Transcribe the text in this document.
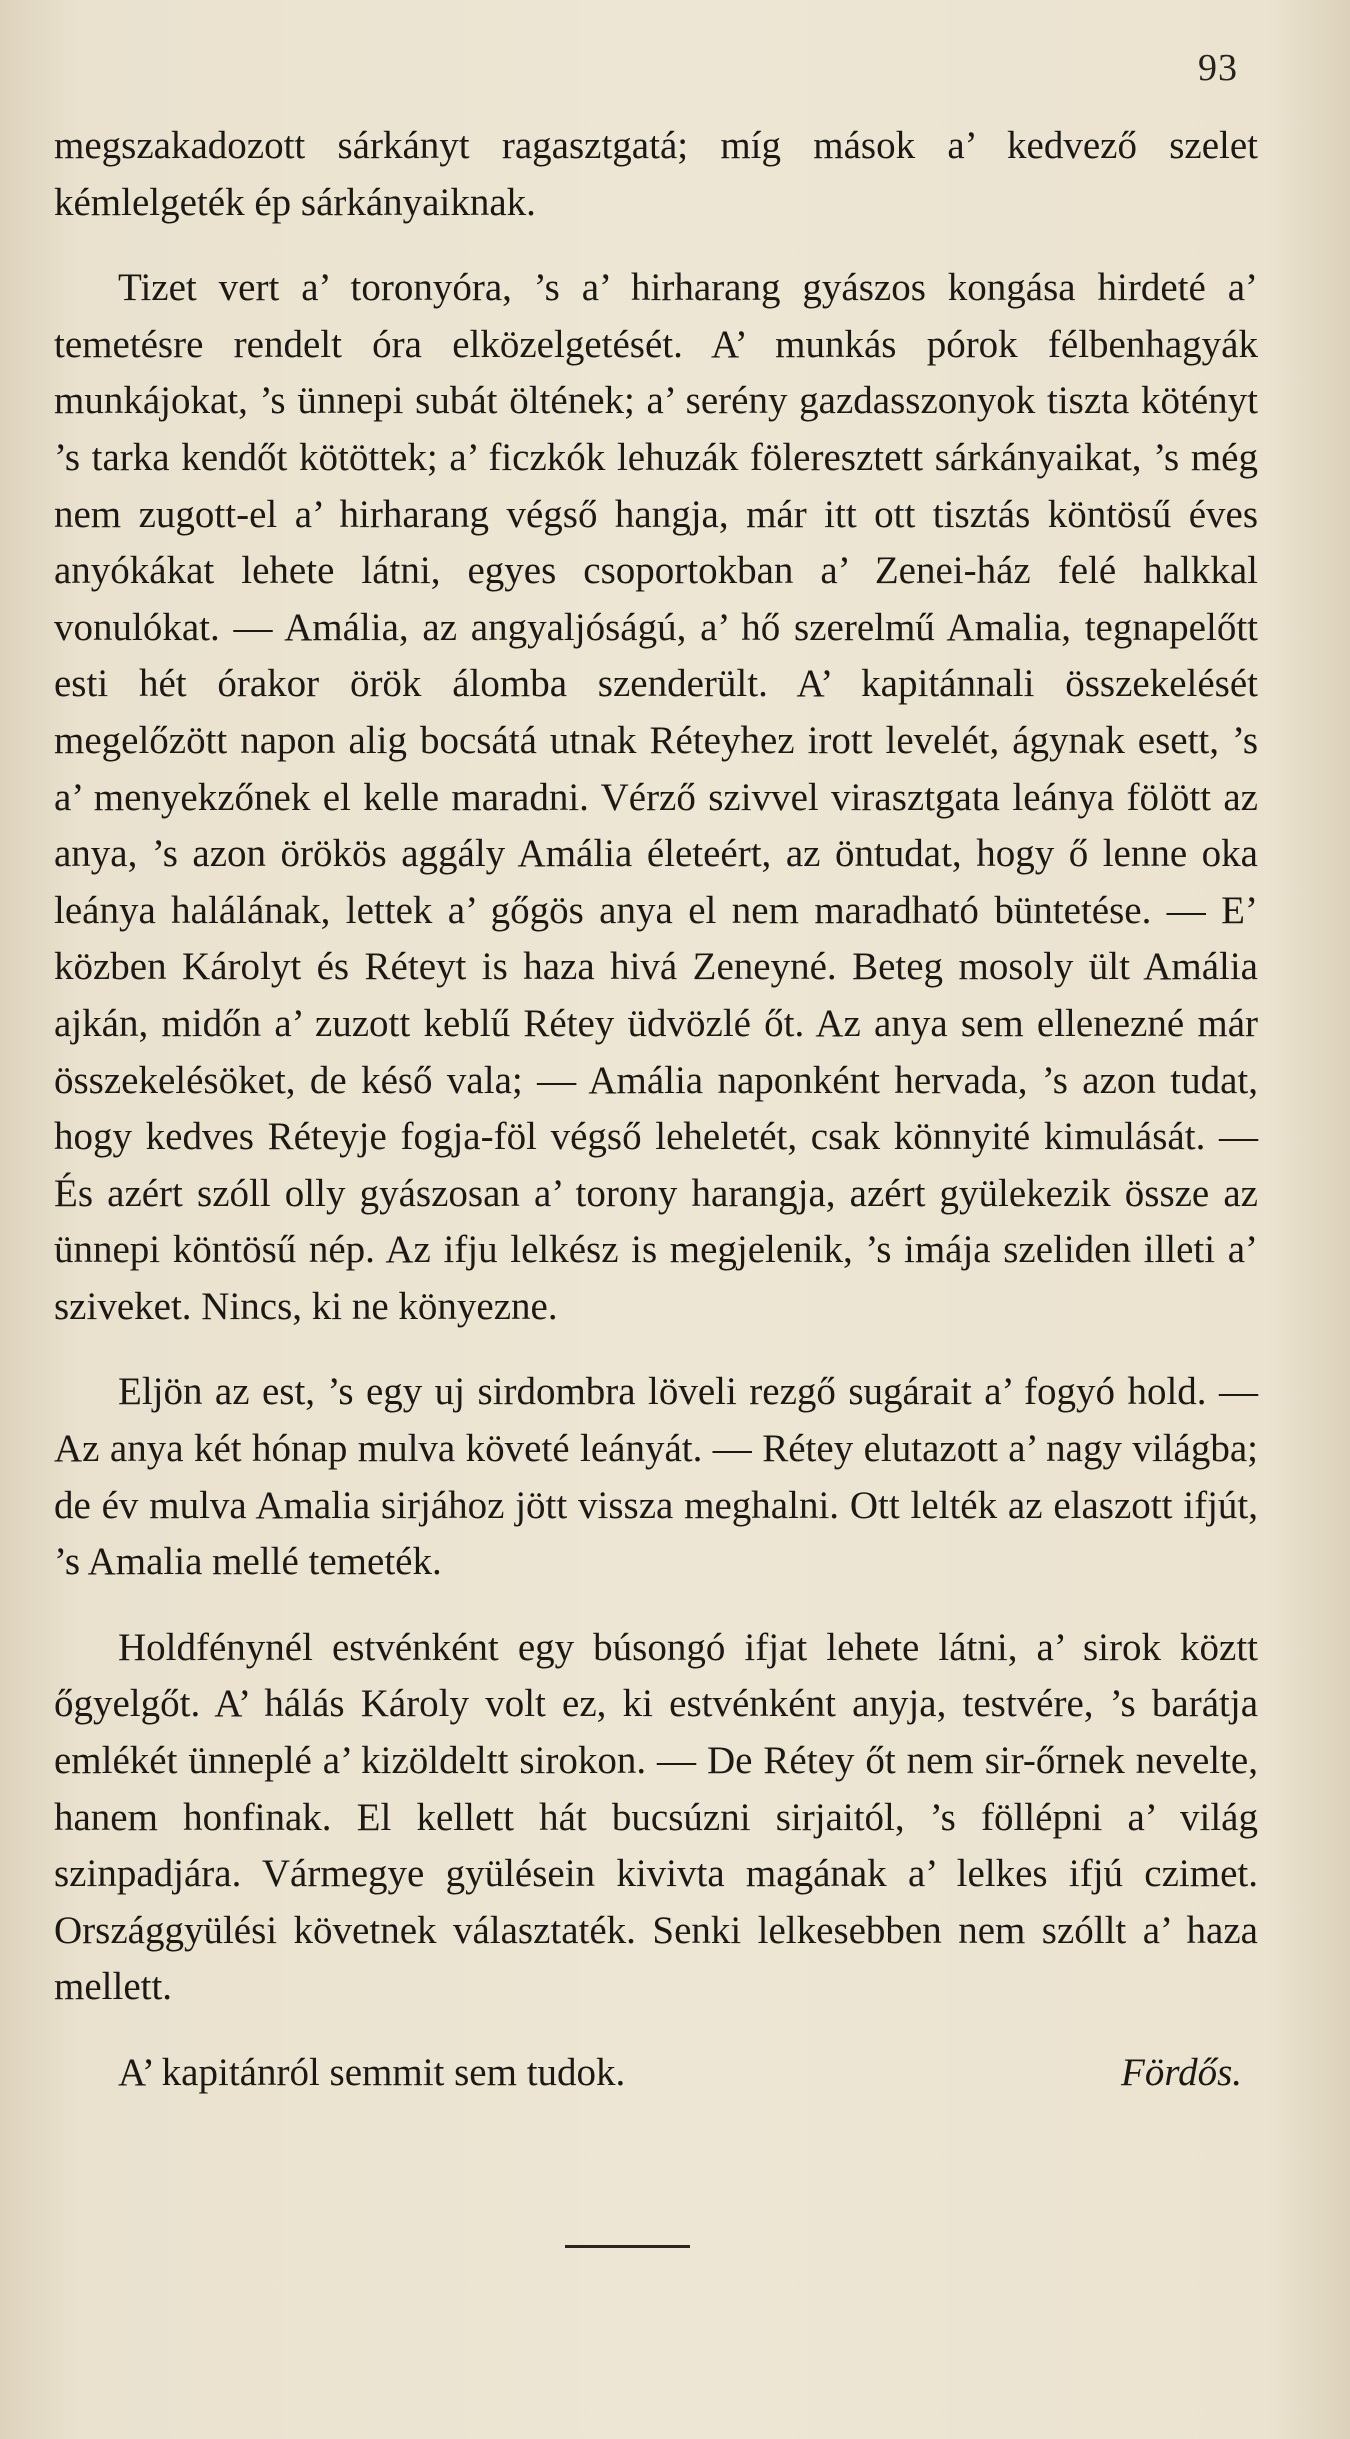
93

megszakadozott sárkányt ragasztgatá; míg mások a’ kedvező szelet kémlelgeték ép sárkányaiknak.

Tizet vert a’ toronyóra, ’s a’ hirharang gyászos kongása hirdeté a’ temetésre rendelt óra elközelgetését. A’ munkás pórok félbenhagyák munkájokat, ’s ünnepi subát öltének; a’ serény gazdasszonyok tiszta kötényt ’s tarka kendőt kötöttek; a’ ficzkók lehuzák föleresztett sárkányaikat, ’s még nem zugott-el a’ hirharang végső hangja, már itt ott tisztás köntösű éves anyókákat lehete látni, egyes csoportokban a’ Zenei-ház felé halkkal vonulókat. — Amália, az angyaljóságú, a’ hő szerelmű Amalia, tegnapelőtt esti hét órakor örök álomba szenderült. A’ kapitánnali összekelését megelőzött napon alig bocsátá utnak Réteyhez irott levelét, ágynak esett, ’s a’ menyekzőnek el kelle maradni. Vérző szivvel virasztgata leánya fölött az anya, ’s azon örökös aggály Amália életeért, az öntudat, hogy ő lenne oka leánya halálának, lettek a’ gőgös anya el nem maradható büntetése. — E’ közben Károlyt és Réteyt is haza hivá Zeneyné. Beteg mosoly ült Amália ajkán, midőn a’ zuzott keblű Rétey üdvözlé őt. Az anya sem ellenezné már összekelésöket, de késő vala; — Amália naponként hervada, ’s azon tudat, hogy kedves Réteyje fogja-föl végső leheletét, csak könnyité kimulását. — És azért szóll olly gyászosan a’ torony harangja, azért gyülekezik össze az ünnepi köntösű nép. Az ifju lelkész is megjelenik, ’s imája szeliden illeti a’ sziveket. Nincs, ki ne könyezne.

Eljön az est, ’s egy uj sirdombra löveli rezgő sugárait a’ fogyó hold. — Az anya két hónap mulva követé leányát. — Rétey elutazott a’ nagy világba; de év mulva Amalia sirjához jött vissza meghalni. Ott lelték az elaszott ifjút, ’s Amalia mellé temeték.

Holdfénynél estvénként egy búsongó ifjat lehete látni, a’ sirok köztt őgyelgőt. A’ hálás Károly volt ez, ki estvénként anyja, testvére, ’s barátja emlékét ünneplé a’ kizöldeltt sirokon. — De Rétey őt nem sir-őrnek nevelte, hanem honfinak. El kellett hát bucsúzni sirjaitól, ’s föllépni a’ világ szinpadjára. Vármegye gyülésein kivivta magának a’ lelkes ifjú czimet. Országgyülési követnek választaték. Senki lelkesebben nem szóllt a’ haza mellett.

A’ kapitánról semmit sem tudok.	Fördős.
